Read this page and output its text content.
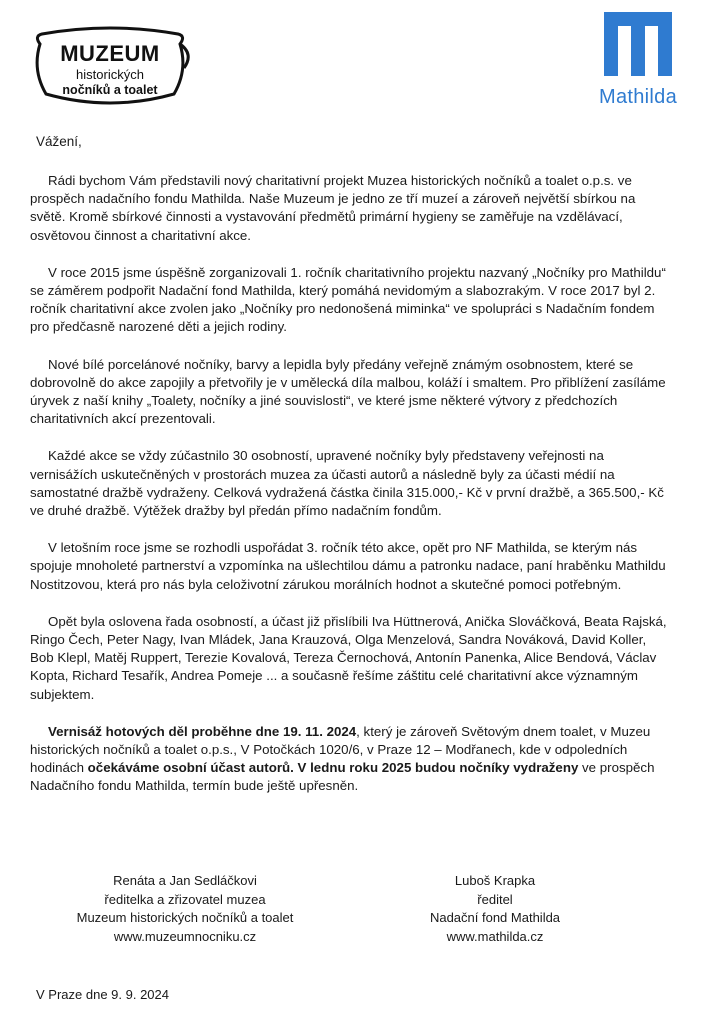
MUZEUM
historických
nočníků a toalet	Mathilda
Vážení,

Rádi bychom Vám představili nový charitativní projekt Muzea historických nočníků a toalet o.p.s. ve prospěch nadačního fondu Mathilda. Naše Muzeum je jedno ze tří muzeí a zároveň největší sbírkou na světě. Kromě sbírkové činnosti a vystavování předmětů primární hygieny se zaměřuje na vzdělávací, osvětovou činnost a charitativní akce.

V roce 2015 jsme úspěšně zorganizovali 1. ročník charitativního projektu nazvaný „Nočníky pro Mathildu“ se záměrem podpořit Nadační fond Mathilda, který pomáhá nevidomým a slabozrakým. V roce 2017 byl 2. ročník charitativní akce zvolen jako „Nočníky pro nedonošená miminka“ ve spolupráci s Nadačním fondem pro předčasně narozené děti a jejich rodiny.

Nové bílé porcelánové nočníky, barvy a lepidla byly předány veřejně známým osobnostem, které se dobrovolně do akce zapojily a přetvořily je v umělecká díla malbou, koláží i smaltem. Pro přiblížení zasíláme úryvek z naší knihy „Toalety, nočníky a jiné souvislosti“, ve které jsme některé výtvory z předchozích charitativních akcí prezentovali.

Každé akce se vždy zúčastnilo 30 osobností, upravené nočníky byly představeny veřejnosti na vernisážích uskutečněných v prostorách muzea za účasti autorů a následně byly za účasti médií na samostatné dražbě vydraženy. Celková vydražená částka činila 315.000,- Kč v první dražbě, a 365.500,- Kč ve druhé dražbě. Výtěžek dražby byl předán přímo nadačním fondům.

V letošním roce jsme se rozhodli uspořádat 3. ročník této akce, opět pro NF Mathilda, se kterým nás spojuje mnoholeté partnerství a vzpomínka na ušlechtilou dámu a patronku nadace, paní hraběnku Mathildu Nostitzovou, která pro nás byla celoživotní zárukou morálních hodnot a skutečné pomoci potřebným.

Opět byla oslovena řada osobností, a účast již přislíbili Iva Hüttnerová, Anička Slováčková, Beata Rajská, Ringo Čech, Peter Nagy, Ivan Mládek, Jana Krauzová, Olga Menzelová, Sandra Nováková, David Koller, Bob Klepl, Matěj Ruppert, Terezie Kovalová, Tereza Černochová, Antonín Panenka, Alice Bendová, Václav Kopta, Richard Tesařík, Andrea Pomeje ... a současně řešíme záštitu celé charitativní akce významným subjektem.

Vernisáž hotových děl proběhne dne 19. 11. 2024, který je zároveň Světovým dnem toalet, v Muzeu historických nočníků a toalet o.p.s., V Potočkách 1020/6, v Praze 12 – Modřanech, kde v odpoledních hodinách očekáváme osobní účast autorů. V lednu roku 2025 budou nočníky vydraženy ve prospěch Nadačního fondu Mathilda, termín bude ještě upřesněn.

Renáta a Jan Sedláčkovi
ředitelka a zřizovatel muzea
Muzeum historických nočníků a toalet
www.muzeumnocniku.cz
Luboš Krapka
ředitel
Nadační fond Mathilda
www.mathilda.cz
V Praze dne 9. 9. 2024
